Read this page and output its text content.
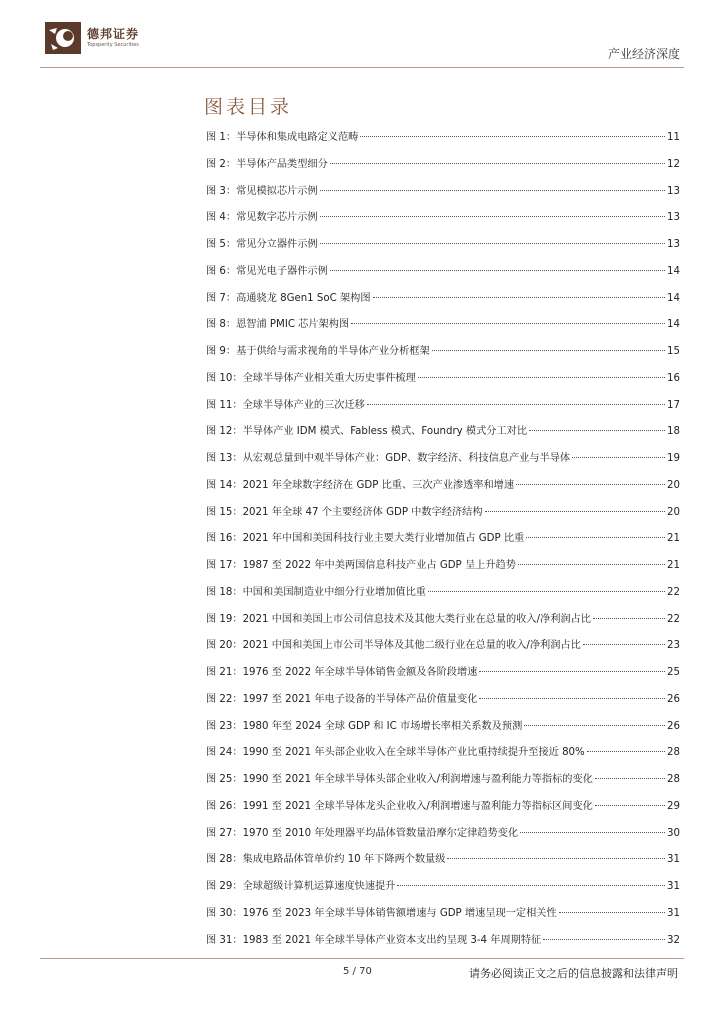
德邦证券
Topsperity Securities
产业经济深度
图表目录
图 1：半导体和集成电路定义范畴	11
图 2：半导体产品类型细分	12
图 3：常见模拟芯片示例	13
图 4：常见数字芯片示例	13
图 5：常见分立器件示例	13
图 6：常见光电子器件示例	14
图 7：高通骁龙 8Gen1 SoC 架构图	14
图 8：恩智浦 PMIC 芯片架构图	14
图 9：基于供给与需求视角的半导体产业分析框架	15
图 10：全球半导体产业相关重大历史事件梳理	16
图 11：全球半导体产业的三次迁移	17
图 12：半导体产业 IDM 模式、Fabless 模式、Foundry 模式分工对比	18
图 13：从宏观总量到中观半导体产业：GDP、数字经济、科技信息产业与半导体	19
图 14：2021 年全球数字经济在 GDP 比重、三次产业渗透率和增速	20
图 15：2021 年全球 47 个主要经济体 GDP 中数字经济结构	20
图 16：2021 年中国和美国科技行业主要大类行业增加值占 GDP 比重	21
图 17：1987 至 2022 年中美两国信息科技产业占 GDP 呈上升趋势	21
图 18：中国和美国制造业中细分行业增加值比重	22
图 19：2021 中国和美国上市公司信息技术及其他大类行业在总量的收入/净利润占比	22
图 20：2021 中国和美国上市公司半导体及其他二级行业在总量的收入/净利润占比	23
图 21：1976 至 2022 年全球半导体销售金额及各阶段增速	25
图 22：1997 至 2021 年电子设备的半导体产品价值量变化	26
图 23：1980 年至 2024 全球 GDP 和 IC 市场增长率相关系数及预测	26
图 24：1990 至 2021 年头部企业收入在全球半导体产业比重持续提升至接近 80%	28
图 25：1990 至 2021 年全球半导体头部企业收入/利润增速与盈利能力等指标的变化	28
图 26：1991 至 2021 全球半导体龙头企业收入/利润增速与盈利能力等指标区间变化	29
图 27：1970 至 2010 年处理器平均晶体管数量沿摩尔定律趋势变化	30
图 28：集成电路晶体管单价约 10 年下降两个数量级	31
图 29：全球超级计算机运算速度快速提升	31
图 30：1976 至 2023 年全球半导体销售额增速与 GDP 增速呈现一定相关性	31
图 31：1983 至 2021 年全球半导体产业资本支出约呈现 3-4 年周期特征	32
5 / 70	请务必阅读正文之后的信息披露和法律声明
